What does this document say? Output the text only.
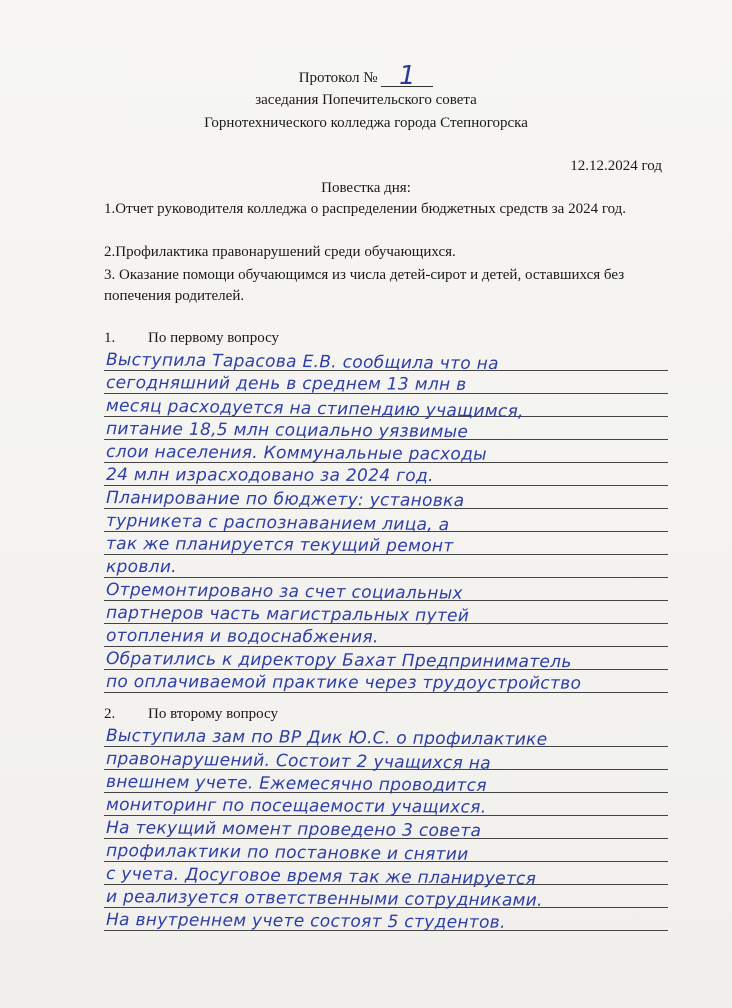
Протокол № 1
заседания Попечительского совета
Горнотехнического колледжа города Степногорска
12.12.2024 год
Повестка дня:
1.Отчет руководителя колледжа о распределении бюджетных средств за 2024 год.
2.Профилактика правонарушений среди обучающихся.
3. Оказание помощи обучающимся из числа детей-сирот и детей, оставшихся без попечения родителей.
1. По первому вопросу
Выступила Тарасова Е.В. сообщила что на
сегодняшний день в среднем 13 млн в
месяц расходуется на стипендию учащимся,
питание 18,5 млн социально уязвимые
слои населения. Коммунальные расходы
24 млн израсходовано за 2024 год.
Планирование по бюджету: установка
турникета с распознаванием лица, а
так же планируется текущий ремонт
кровли.
Отремонтировано за счет социальных
партнеров часть магистральных путей
отопления и водоснабжения.
Обратились к директору Бахат Предприниматель
по оплачиваемой практике через трудоустройство
2. По второму вопросу
Выступила зам по ВР Дик Ю.С. о профилактике
правонарушений. Состоит 2 учащихся на
внешнем учете. Ежемесячно проводится
мониторинг по посещаемости учащихся.
На текущий момент проведено 3 совета
профилактики по постановке и снятии
с учета. Досуговое время так же планируется
и реализуется ответственными сотрудниками.
На внутреннем учете состоят 5 студентов.
